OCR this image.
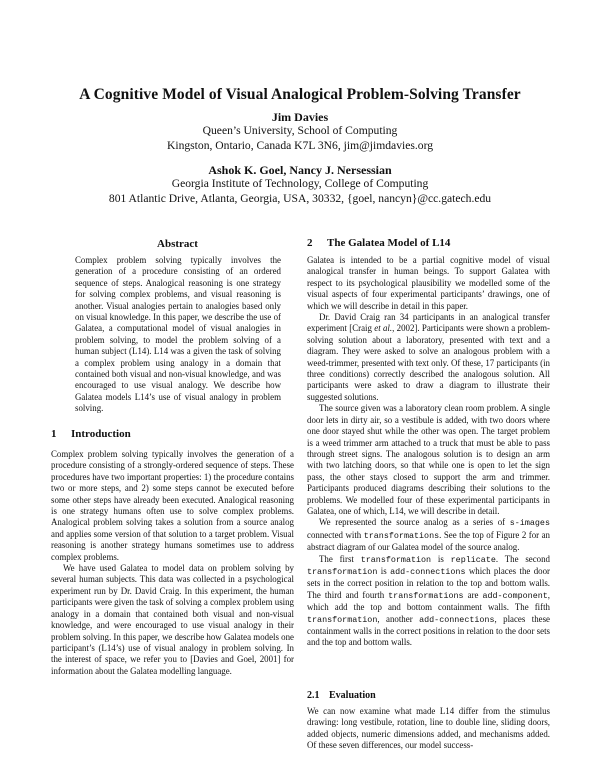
A Cognitive Model of Visual Analogical Problem-Solving Transfer
Jim Davies
Queen’s University, School of Computing
Kingston, Ontario, Canada K7L 3N6, jim@jimdavies.org
Ashok K. Goel, Nancy J. Nersessian
Georgia Institute of Technology, College of Computing
801 Atlantic Drive, Atlanta, Georgia, USA, 30332, {goel, nancyn}@cc.gatech.edu
Abstract

Complex problem solving typically involves the generation of a procedure consisting of an ordered sequence of steps. Analogical reasoning is one strategy for solving complex problems, and visual reasoning is another. Visual analogies pertain to analogies based only on visual knowledge. In this paper, we describe the use of Galatea, a computational model of visual analogies in problem solving, to model the problem solving of a human subject (L14). L14 was a given the task of solving a complex problem using analogy in a domain that contained both visual and non-visual knowledge, and was encouraged to use visual analogy. We describe how Galatea models L14’s use of visual analogy in problem solving.

1 Introduction

Complex problem solving typically involves the generation of a procedure consisting of a strongly-ordered sequence of steps. These procedures have two important properties: 1) the procedure contains two or more steps, and 2) some steps cannot be executed before some other steps have already been executed. Analogical reasoning is one strategy humans often use to solve complex problems. Analogical problem solving takes a solution from a source analog and applies some version of that solution to a target problem. Visual reasoning is another strategy humans sometimes use to address complex problems.

We have used Galatea to model data on problem solving by several human subjects. This data was collected in a psychological experiment run by Dr. David Craig. In this experiment, the human participants were given the task of solving a complex problem using analogy in a domain that contained both visual and non-visual knowledge, and were encouraged to use visual analogy in their problem solving. In this paper, we describe how Galatea models one participant’s (L14’s) use of visual analogy in problem solving. In the interest of space, we refer you to [Davies and Goel, 2001] for information about the Galatea modelling language.

2 The Galatea Model of L14

Galatea is intended to be a partial cognitive model of visual analogical transfer in human beings. To support Galatea with respect to its psychological plausibility we modelled some of the visual aspects of four experimental participants’ drawings, one of which we will describe in detail in this paper.

Dr. David Craig ran 34 participants in an analogical transfer experiment [Craig et al., 2002]. Participants were shown a problem-solving solution about a laboratory, presented with text and a diagram. They were asked to solve an analogous problem with a weed-trimmer, presented with text only. Of these, 17 participants (in three conditions) correctly described the analogous solution. All participants were asked to draw a diagram to illustrate their suggested solutions.

The source given was a laboratory clean room problem. A single door lets in dirty air, so a vestibule is added, with two doors where one door stayed shut while the other was open. The target problem is a weed trimmer arm attached to a truck that must be able to pass through street signs. The analogous solution is to design an arm with two latching doors, so that while one is open to let the sign pass, the other stays closed to support the arm and trimmer. Participants produced diagrams describing their solutions to the problems. We modelled four of these experimental participants in Galatea, one of which, L14, we will describe in detail.

We represented the source analog as a series of s-images connected with transformations. See the top of Figure 2 for an abstract diagram of our Galatea model of the source analog.

The first transformation is replicate. The second transformation is add-connections which places the door sets in the correct position in relation to the top and bottom walls. The third and fourth transformations are add-component, which add the top and bottom containment walls. The fifth transformation, another add-connections, places these containment walls in the correct positions in relation to the door sets and the top and bottom walls.

2.1 Evaluation

We can now examine what made L14 differ from the stimulus drawing: long vestibule, rotation, line to double line, sliding doors, added objects, numeric dimensions added, and mechanisms added. Of these seven differences, our model success-
